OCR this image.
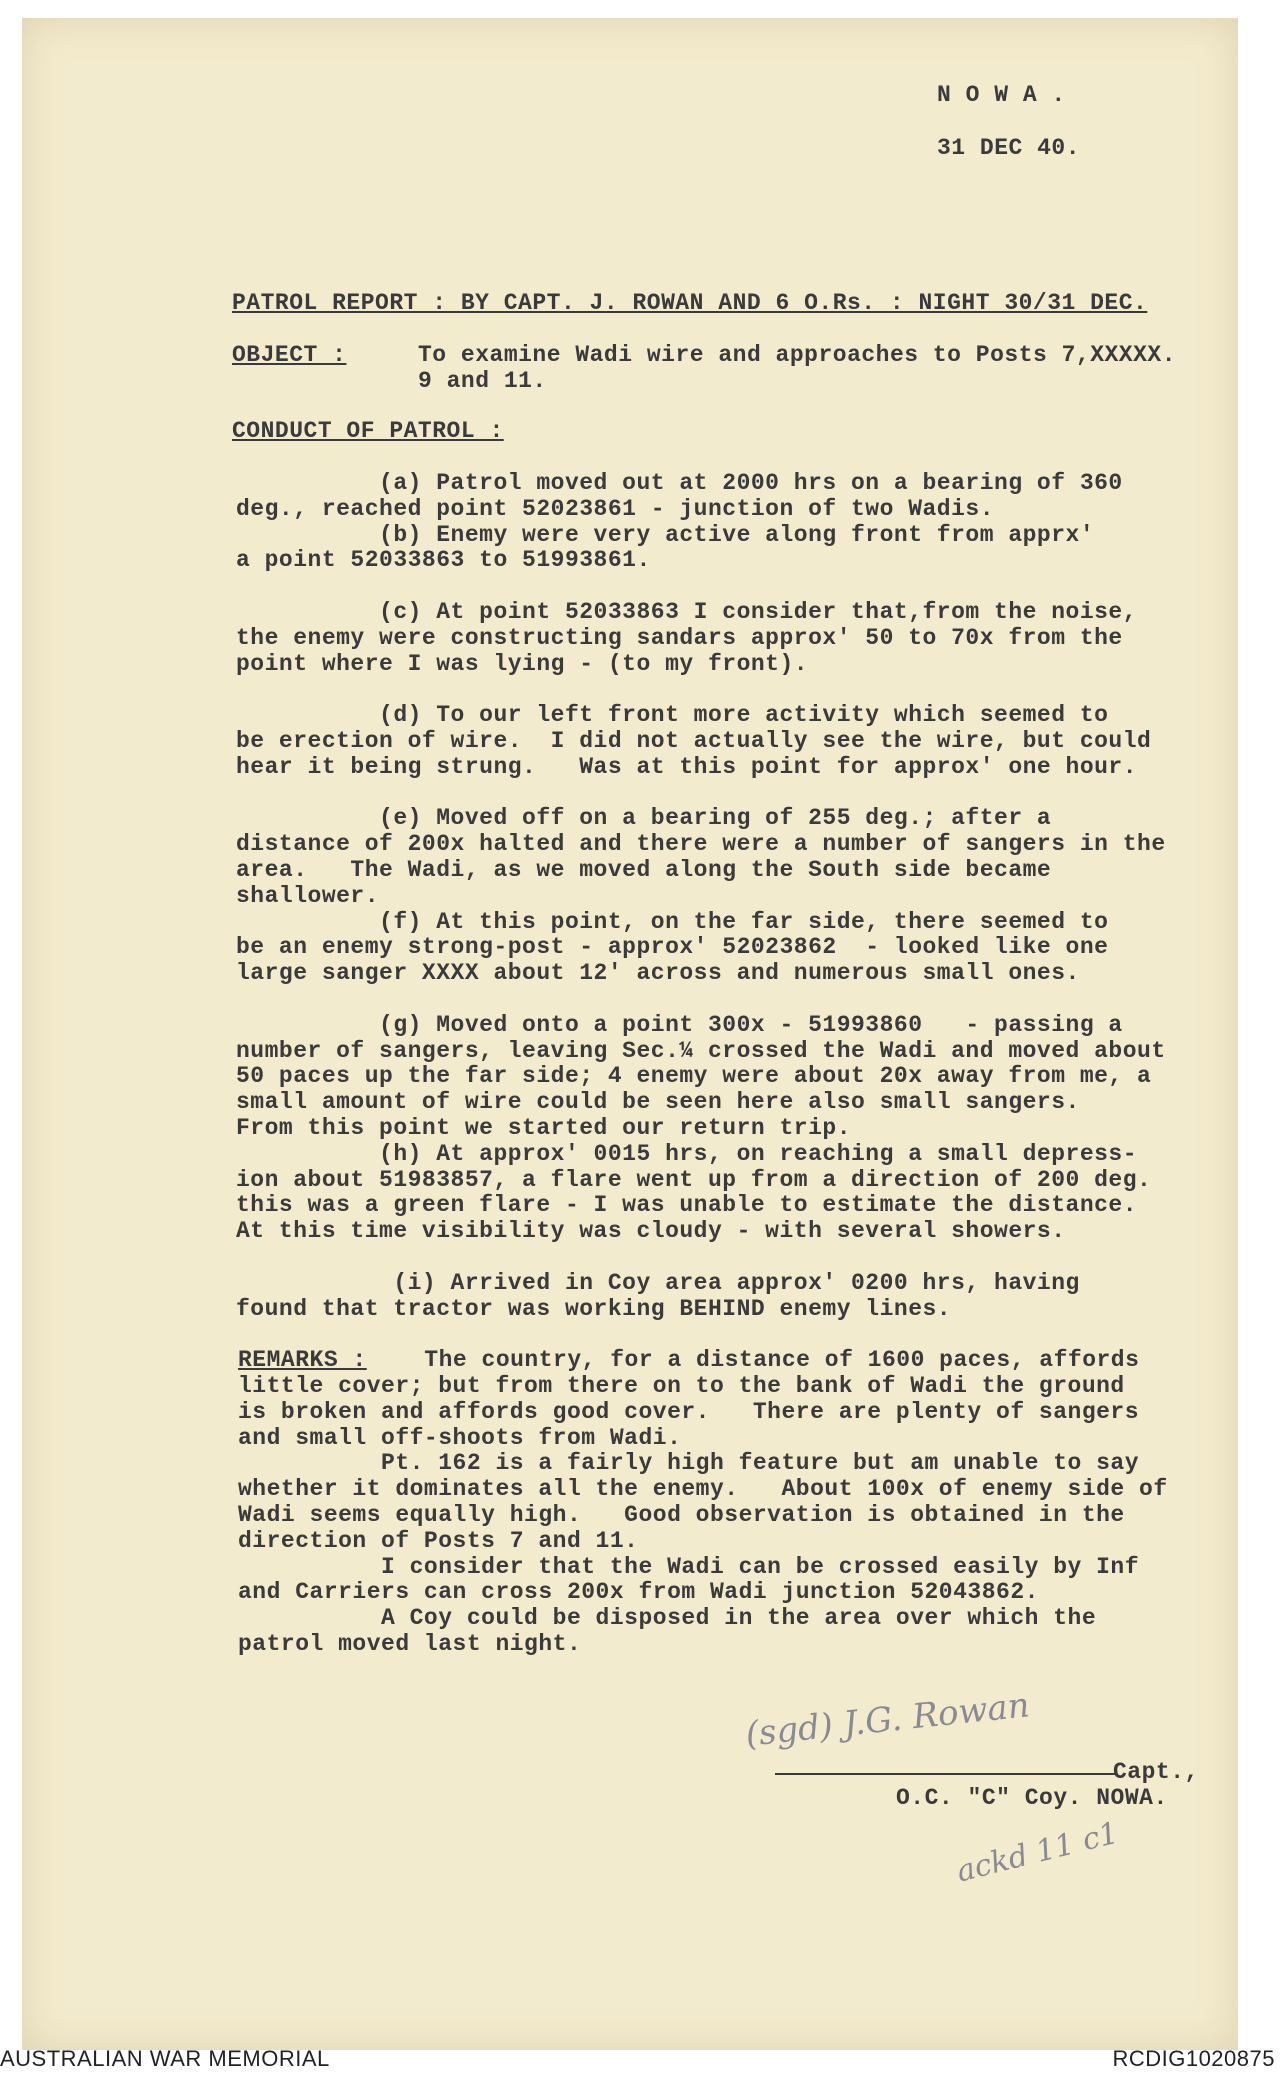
N O W A .
31 DEC 40.
PATROL REPORT : BY CAPT. J. ROWAN AND 6 O.Rs. : NIGHT 30/31 DEC.
OBJECT :	To examine Wadi wire and approaches to Posts 7,XXXXX.
9 and 11.
CONDUCT OF PATROL :
(a) Patrol moved out at 2000 hrs on a bearing of 360
deg., reached point 52023861 - junction of two Wadis.
(b) Enemy were very active along front from apprx'
a point 52033863 to 51993861.
(c) At point 52033863 I consider that,from the noise,
the enemy were constructing sandars approx' 50 to 70x from the
point where I was lying - (to my front).
(d) To our left front more activity which seemed to
be erection of wire.  I did not actually see the wire, but could
hear it being strung.   Was at this point for approx' one hour.
(e) Moved off on a bearing of 255 deg.; after a
distance of 200x halted and there were a number of sangers in the
area.   The Wadi, as we moved along the South side became
shallower.
(f) At this point, on the far side, there seemed to
be an enemy strong-post - approx' 52023862  - looked like one
large sanger XXXX about 12' across and numerous small ones.
(g) Moved onto a point 300x - 51993860   - passing a
number of sangers, leaving Sec.¼ crossed the Wadi and moved about
50 paces up the far side; 4 enemy were about 20x away from me, a
small amount of wire could be seen here also small sangers.
From this point we started our return trip.
(h) At approx' 0015 hrs, on reaching a small depress-
ion about 51983857, a flare went up from a direction of 200 deg.
this was a green flare - I was unable to estimate the distance.
At this time visibility was cloudy - with several showers.
(i) Arrived in Coy area approx' 0200 hrs, having
found that tractor was working BEHIND enemy lines.
REMARKS : The country, for a distance of 1600 paces, affords
little cover; but from there on to the bank of Wadi the ground
is broken and affords good cover.   There are plenty of sangers
and small off-shoots from Wadi.
Pt. 162 is a fairly high feature but am unable to say
whether it dominates all the enemy.   About 100x of enemy side of
Wadi seems equally high.   Good observation is obtained in the
direction of Posts 7 and 11.
I consider that the Wadi can be crossed easily by Inf
and Carriers can cross 200x from Wadi junction 52043862.
A Coy could be disposed in the area over which the
patrol moved last night.
(sgd) J.G. Rowan
Capt.,
O.C. "C" Coy. NOWA.
ackd 11 c1
AUSTRALIAN WAR MEMORIAL	RCDIG1020875
